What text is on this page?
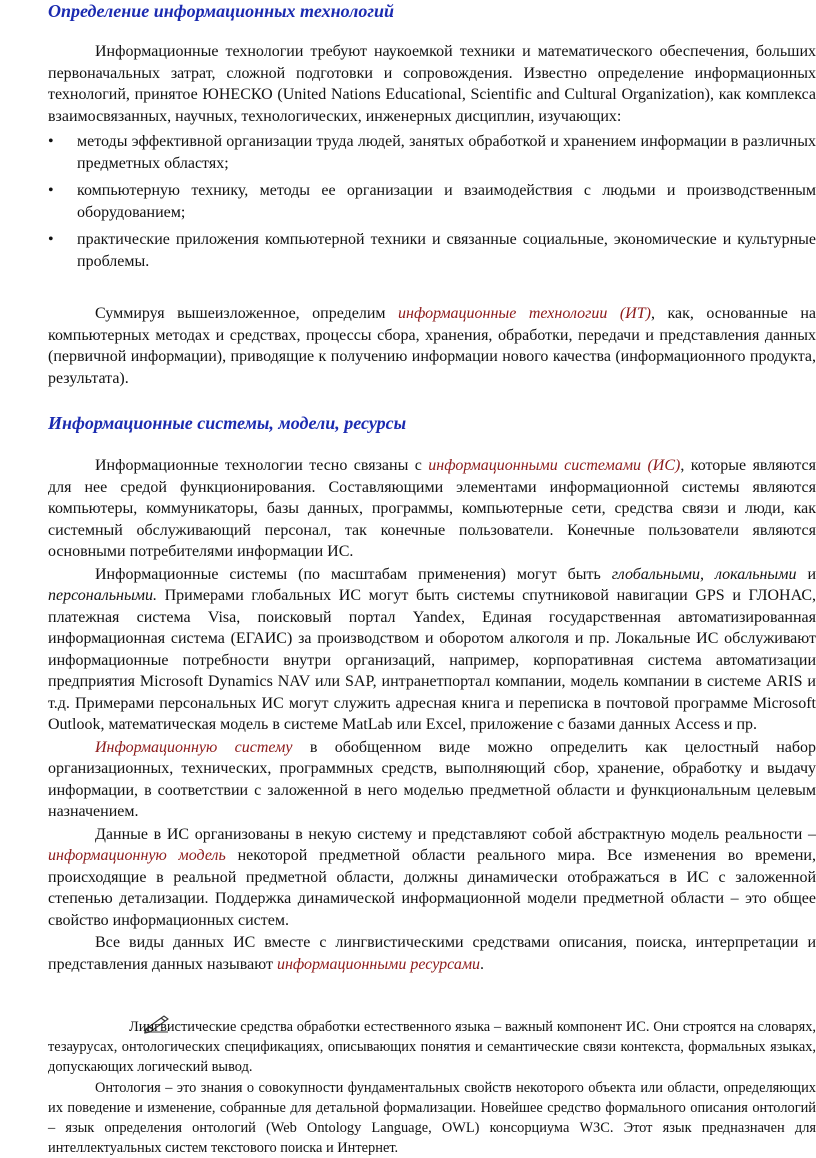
Определение информационных технологий

Информационные технологии требуют наукоемкой техники и математического обеспечения, больших первоначальных затрат, сложной подготовки и сопровождения. Известно определение информационных технологий, принятое ЮНЕСКО (United Nations Educational, Scientific and Cultural Organization), как комплекса взаимосвязанных, научных, технологических, инженерных дисциплин, изучающих:

•	методы эффективной организации труда людей, занятых обработкой и хранением информации в различных предметных областях;
•	компьютерную технику, методы ее организации и взаимодействия с людьми и производственным оборудованием;
•	практические приложения компьютерной техники и связанные социальные, экономические и культурные проблемы.

Суммируя вышеизложенное, определим информационные технологии (ИТ), как, основанные на компьютерных методах и средствах, процессы сбора, хранения, обработки, передачи и представления данных (первичной информации), приводящие к получению информации нового качества (информационного продукта, результата).

Информационные системы, модели, ресурсы

Информационные технологии тесно связаны с информационными системами (ИС), которые являются для нее средой функционирования. Составляющими элементами информационной системы являются компьютеры, коммуникаторы, базы данных, программы, компьютерные сети, средства связи и люди, как системный обслуживающий персонал, так конечные пользователи. Конечные пользователи являются основными потребителями информации ИС.

Информационные системы (по масштабам применения) могут быть глобальными, локальными и персональными. Примерами глобальных ИС могут быть системы спутниковой навигации GPS и ГЛОНАС, платежная система Visa, поисковый портал Yandex, Единая государственная автоматизированная информационная система (ЕГАИС) за производством и оборотом алкоголя и пр. Локальные ИС обслуживают информационные потребности внутри организаций, например, корпоративная система автоматизации предприятия Microsoft Dynamics NAV или SAP, интранетпортал компании, модель компании в системе ARIS и т.д. Примерами персональных ИС могут служить адресная книга и переписка в почтовой программе Microsoft Outlook, математическая модель в системе MatLab или Excel, приложение с базами данных Access и пр.

Информационную систему в обобщенном виде можно определить как целостный набор организационных, технических, программных средств, выполняющий сбор, хранение, обработку и выдачу информации, в соответствии с заложенной в него моделью предметной области и функциональным целевым назначением.

Данные в ИС организованы в некую систему и представляют собой абстрактную модель реальности – информационную модель некоторой предметной области реального мира. Все изменения во времени, происходящие в реальной предметной области, должны динамически отображаться в ИС с заложенной степенью детализации. Поддержка динамической информационной модели предметной области – это общее свойство информационных систем.

Все виды данных ИС вместе с лингвистическими средствами описания, поиска, интерпретации и представления данных называют информационными ресурсами.

Лингвистические средства обработки естественного языка – важный компонент ИС. Они строятся на словарях, тезаурусах, онтологических спецификациях, описывающих понятия и семантические связи контекста, формальных языках, допускающих логический вывод.

Онтология – это знания о совокупности фундаментальных свойств некоторого объекта или области, определяющих их поведение и изменение, собранные для детальной формализации. Новейшее средство формального описания онтологий – язык определения онтологий (Web Ontology Language, OWL) консорциума W3C. Этот язык предназначен для интеллектуальных систем текстового поиска и Интернет.
